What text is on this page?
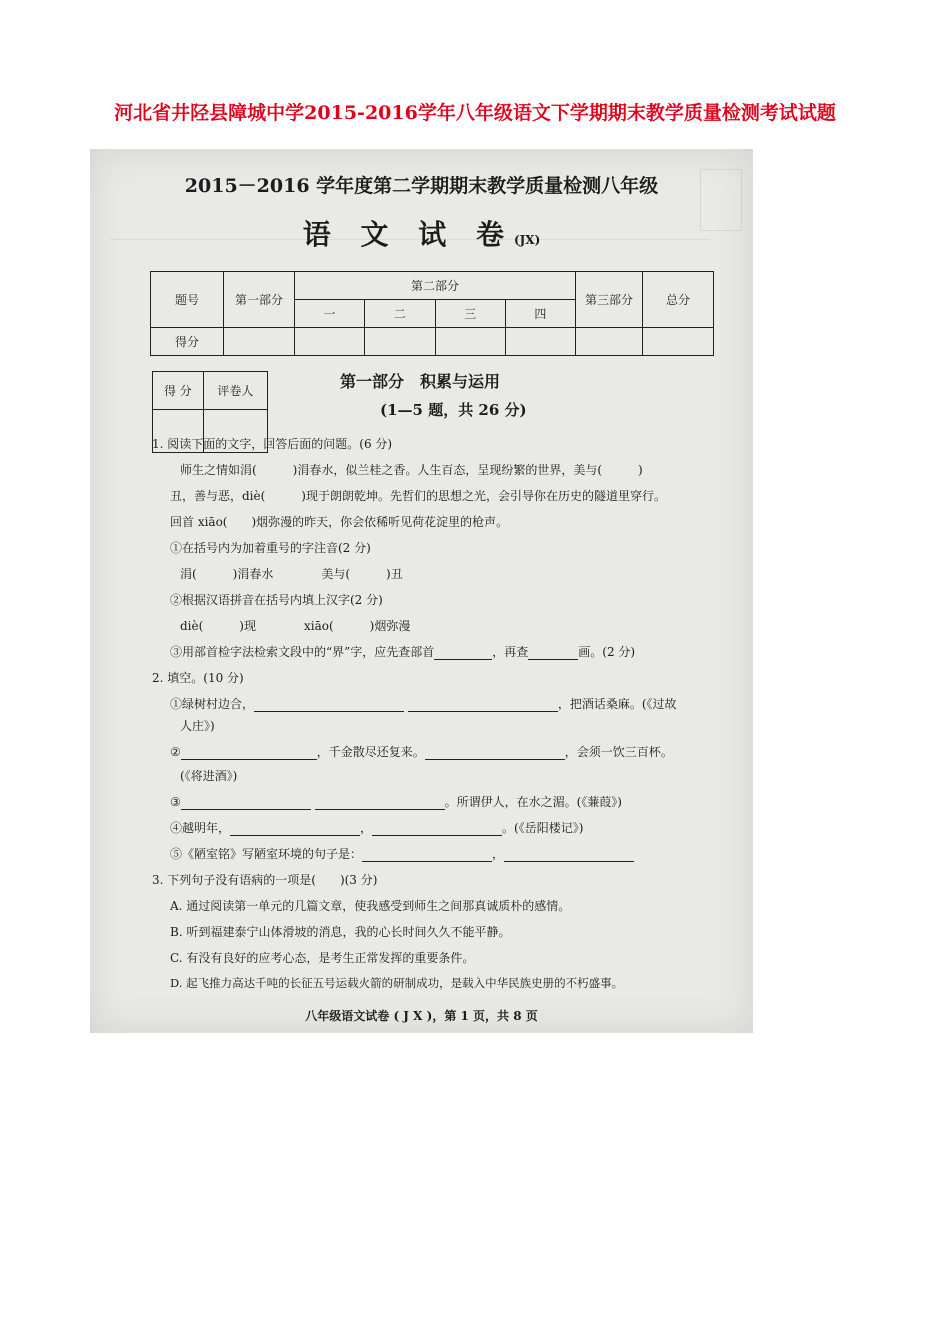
河北省井陉县障城中学2015-2016学年八年级语文下学期期末教学质量检测考试试题
2015－2016 学年度第二学期期末教学质量检测八年级
语 文 试 卷(JX)
题号	第一部分	第二部分				第三部分	总分
		一	二	三	四		
得分							
得 分	评卷人
		第一部分　积累与运用
(1—5 题，共 26 分)
1. 阅读下面的文字，回答后面的问题。(6 分)
师生之情如涓(　　　)涓春水，似兰桂之香。人生百态，呈现纷繁的世界，美与(　　　)
丑，善与恶，diè(　　　)现于朗朗乾坤。先哲们的思想之光，会引导你在历史的隧道里穿行。
回首 xiāo(　　)烟弥漫的昨天，你会依稀听见荷花淀里的枪声。
①在括号内为加着重号的字注音(2 分)
涓(　　　)涓春水　　　　美与(　　　)丑
②根据汉语拼音在括号内填上汉字(2 分)
diè(　　　)现　　　　xiāo(　　　)烟弥漫
③用部首检字法检索文段中的“界”字，应先查部首	，再查	画。(2 分)
2. 填空。(10 分)
①绿树村边合，	，把酒话桑麻。(《过故
人庄》)
②	，千金散尽还复来。	，会须一饮三百杯。
(《将进酒》)
③	。所谓伊人，在水之湄。(《蒹葭》)
④越明年，	，	。(《岳阳楼记》)
⑤《陋室铭》写陋室环境的句子是：	，
3. 下列句子没有语病的一项是(　　)(3 分)
A. 通过阅读第一单元的几篇文章，使我感受到师生之间那真诚质朴的感情。
B. 听到福建泰宁山体滑坡的消息，我的心长时间久久不能平静。
C. 有没有良好的应考心态，是考生正常发挥的重要条件。
D. 起飞推力高达千吨的长征五号运载火箭的研制成功，是载入中华民族史册的不朽盛事。
八年级语文试卷 ( J X )，第 1 页，共 8 页
